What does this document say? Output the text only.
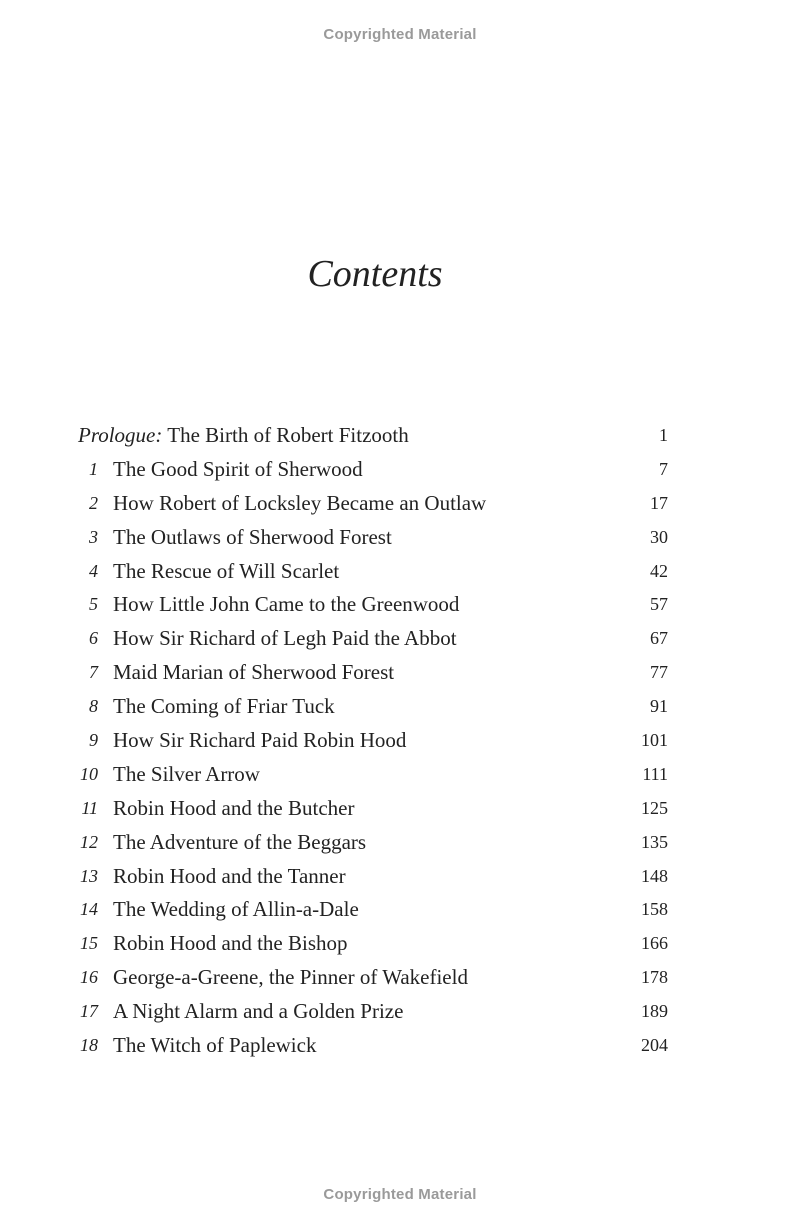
Copyrighted Material
Contents
Prologue: The Birth of Robert Fitzooth	1
1 The Good Spirit of Sherwood	7
2 How Robert of Locksley Became an Outlaw	17
3 The Outlaws of Sherwood Forest	30
4 The Rescue of Will Scarlet	42
5 How Little John Came to the Greenwood	57
6 How Sir Richard of Legh Paid the Abbot	67
7 Maid Marian of Sherwood Forest	77
8 The Coming of Friar Tuck	91
9 How Sir Richard Paid Robin Hood	101
10 The Silver Arrow	111
11 Robin Hood and the Butcher	125
12 The Adventure of the Beggars	135
13 Robin Hood and the Tanner	148
14 The Wedding of Allin-a-Dale	158
15 Robin Hood and the Bishop	166
16 George-a-Greene, the Pinner of Wakefield	178
17 A Night Alarm and a Golden Prize	189
18 The Witch of Paplewick	204
Copyrighted Material
